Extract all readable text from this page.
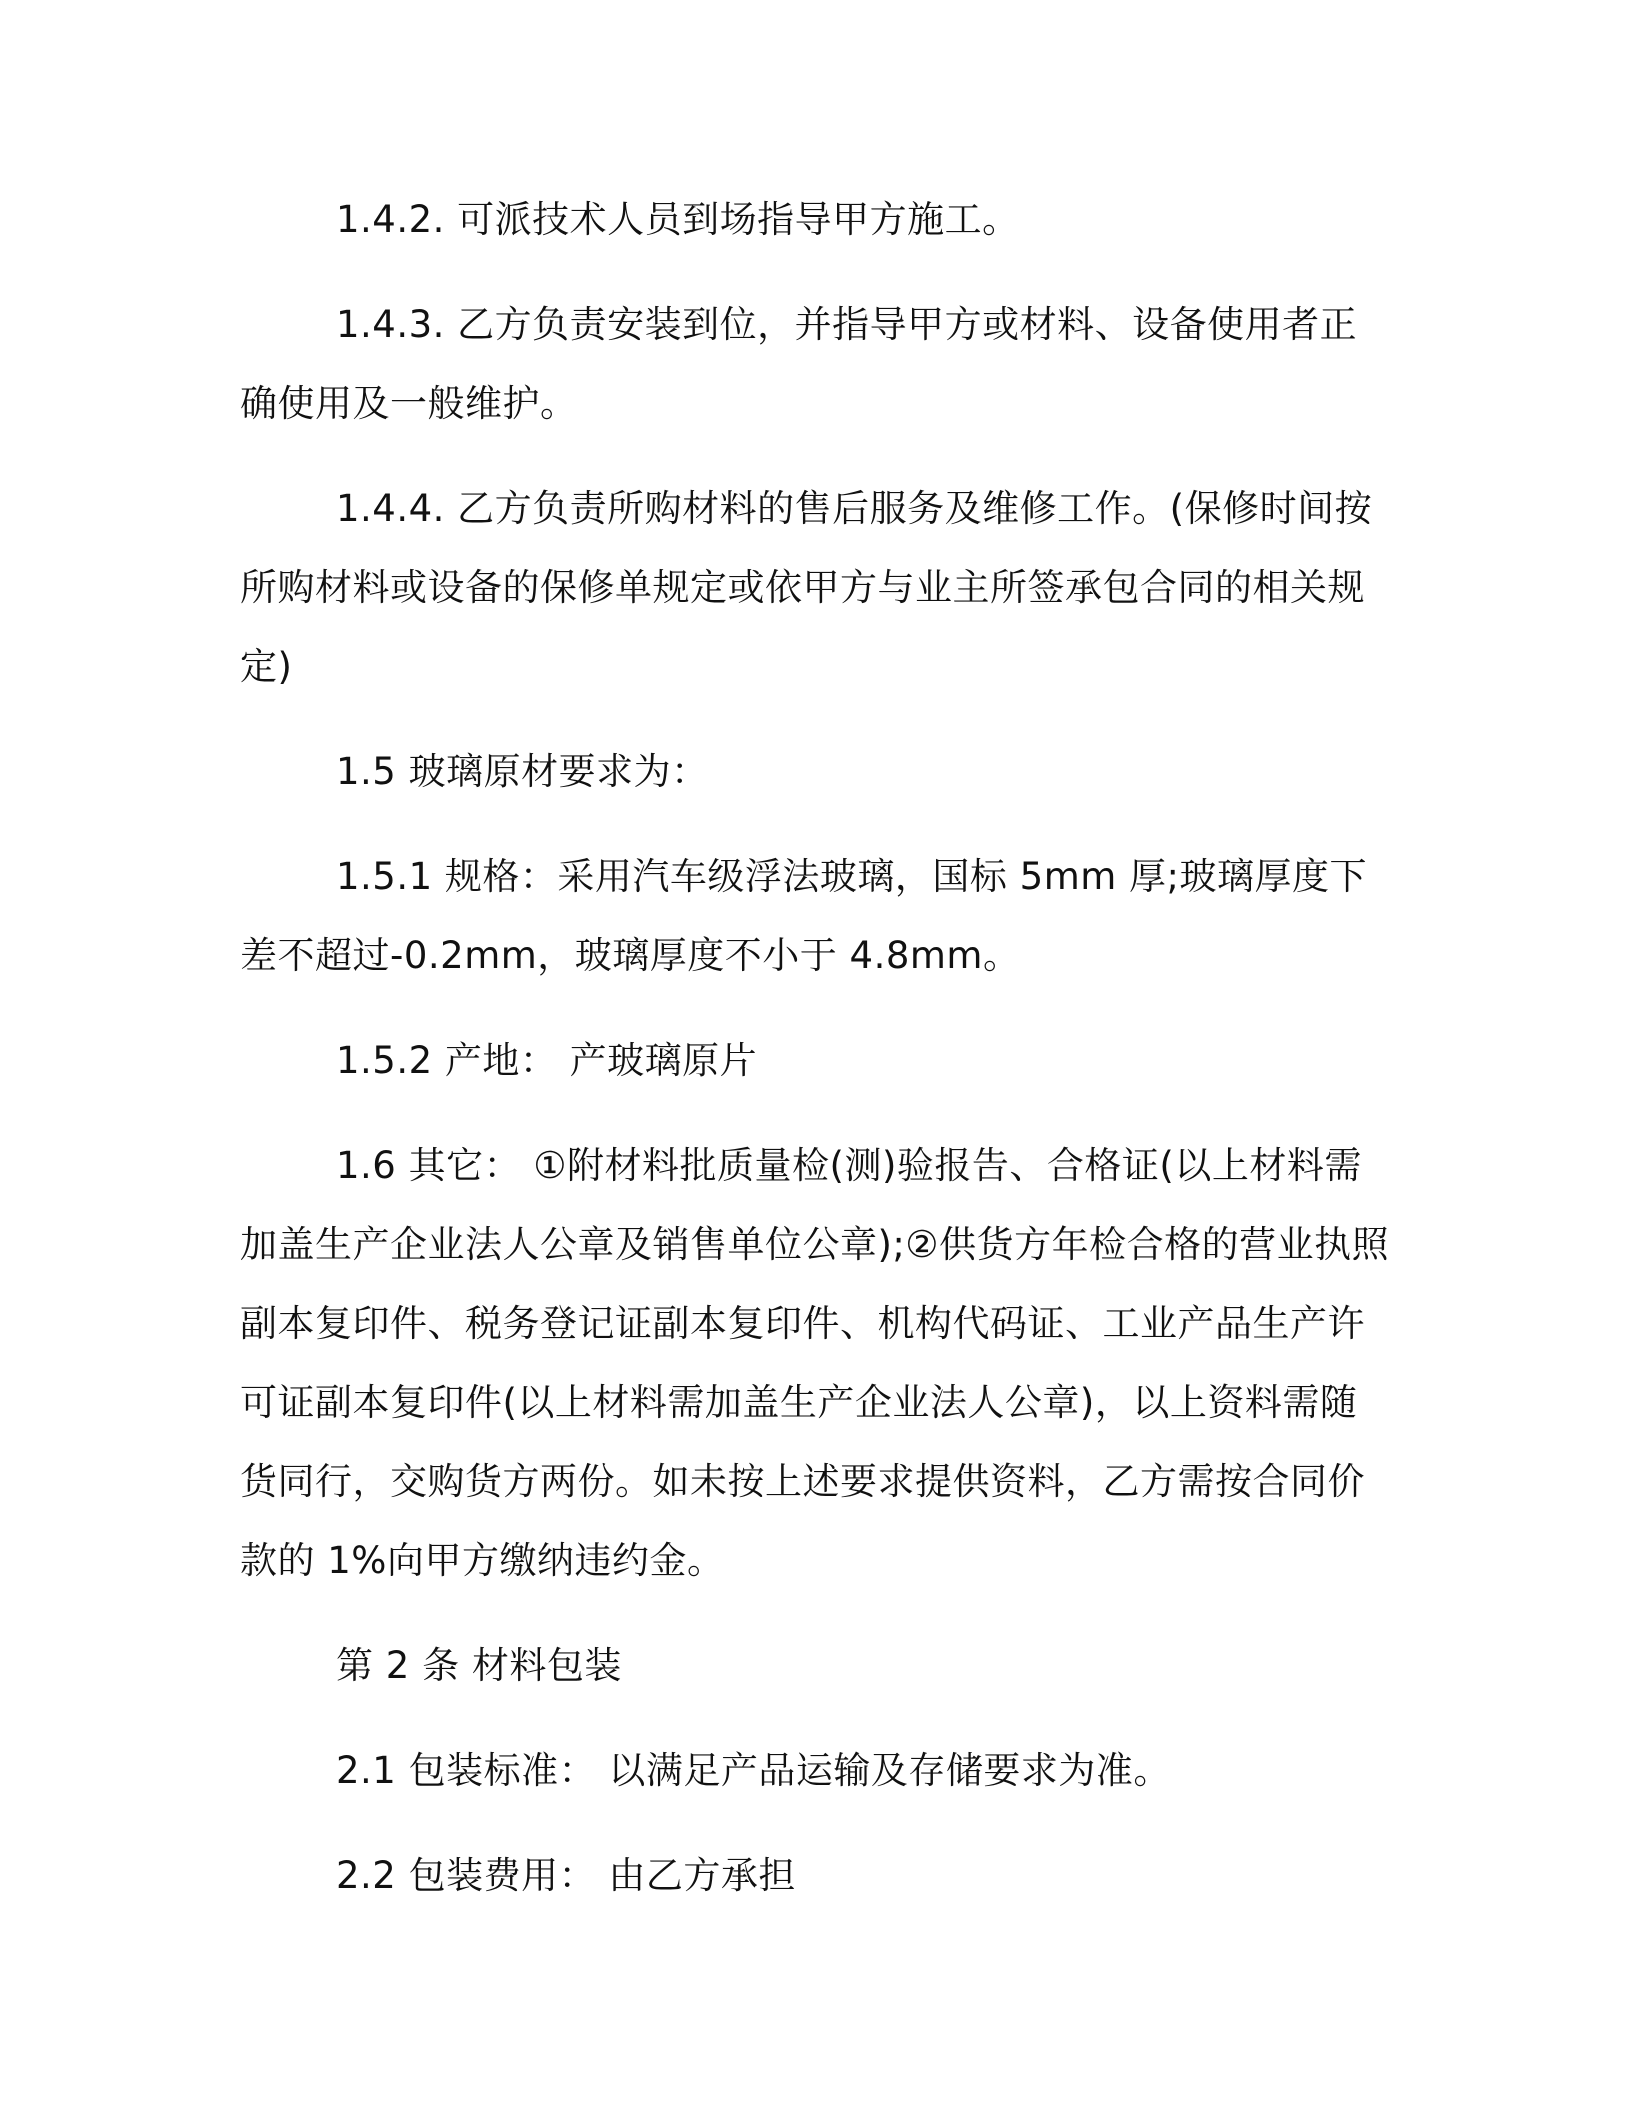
1.4.2. 可派技术人员到场指导甲方施工。

1.4.3. 乙方负责安装到位，并指导甲方或材料、设备使用者正确使用及一般维护。

1.4.4. 乙方负责所购材料的售后服务及维修工作。(保修时间按所购材料或设备的保修单规定或依甲方与业主所签承包合同的相关规定)

1.5 玻璃原材要求为：

1.5.1 规格：采用汽车级浮法玻璃，国标 5mm 厚;玻璃厚度下差不超过-0.2mm，玻璃厚度不小于 4.8mm。

1.5.2 产地： 产玻璃原片

1.6 其它： ①附材料批质量检(测)验报告、合格证(以上材料需加盖生产企业法人公章及销售单位公章);②供货方年检合格的营业执照副本复印件、税务登记证副本复印件、机构代码证、工业产品生产许可证副本复印件(以上材料需加盖生产企业法人公章)，以上资料需随货同行，交购货方两份。如未按上述要求提供资料，乙方需按合同价款的 1%向甲方缴纳违约金。

第 2 条 材料包装

2.1 包装标准： 以满足产品运输及存储要求为准。

2.2 包装费用： 由乙方承担
